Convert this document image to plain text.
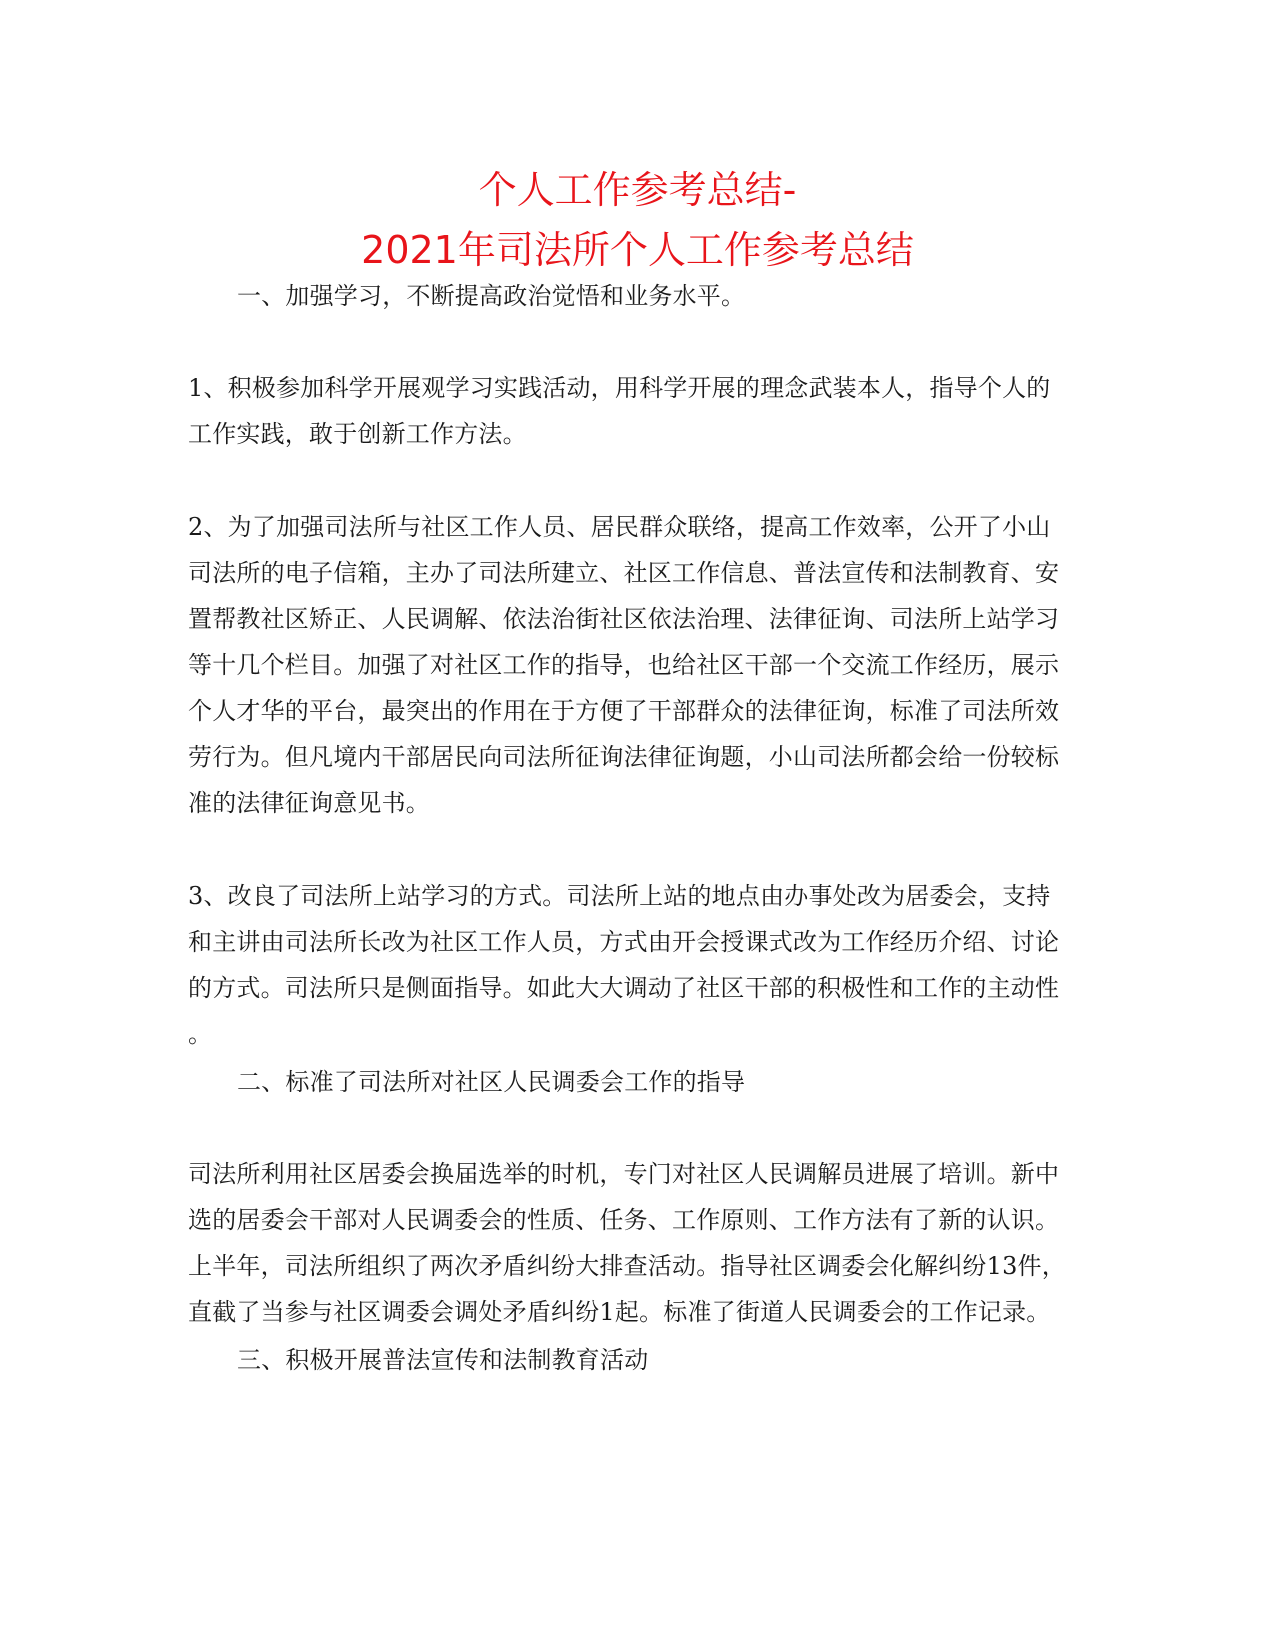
个人工作参考总结-
2021年司法所个人工作参考总结
一、加强学习，不断提高政治觉悟和业务水平。
1、积极参加科学开展观学习实践活动，用科学开展的理念武装本人，指导个人的
工作实践，敢于创新工作方法。
2、为了加强司法所与社区工作人员、居民群众联络，提高工作效率，公开了小山
司法所的电子信箱，主办了司法所建立、社区工作信息、普法宣传和法制教育、安
置帮教社区矫正、人民调解、依法治街社区依法治理、法律征询、司法所上站学习
等十几个栏目。加强了对社区工作的指导，也给社区干部一个交流工作经历，展示
个人才华的平台，最突出的作用在于方便了干部群众的法律征询，标准了司法所效
劳行为。但凡境内干部居民向司法所征询法律征询题，小山司法所都会给一份较标
准的法律征询意见书。
3、改良了司法所上站学习的方式。司法所上站的地点由办事处改为居委会，支持
和主讲由司法所长改为社区工作人员，方式由开会授课式改为工作经历介绍、讨论
的方式。司法所只是侧面指导。如此大大调动了社区干部的积极性和工作的主动性
。
二、标准了司法所对社区人民调委会工作的指导
司法所利用社区居委会换届选举的时机，专门对社区人民调解员进展了培训。新中
选的居委会干部对人民调委会的性质、任务、工作原则、工作方法有了新的认识。
上半年，司法所组织了两次矛盾纠纷大排查活动。指导社区调委会化解纠纷13件，
直截了当参与社区调委会调处矛盾纠纷1起。标准了街道人民调委会的工作记录。
三、积极开展普法宣传和法制教育活动
